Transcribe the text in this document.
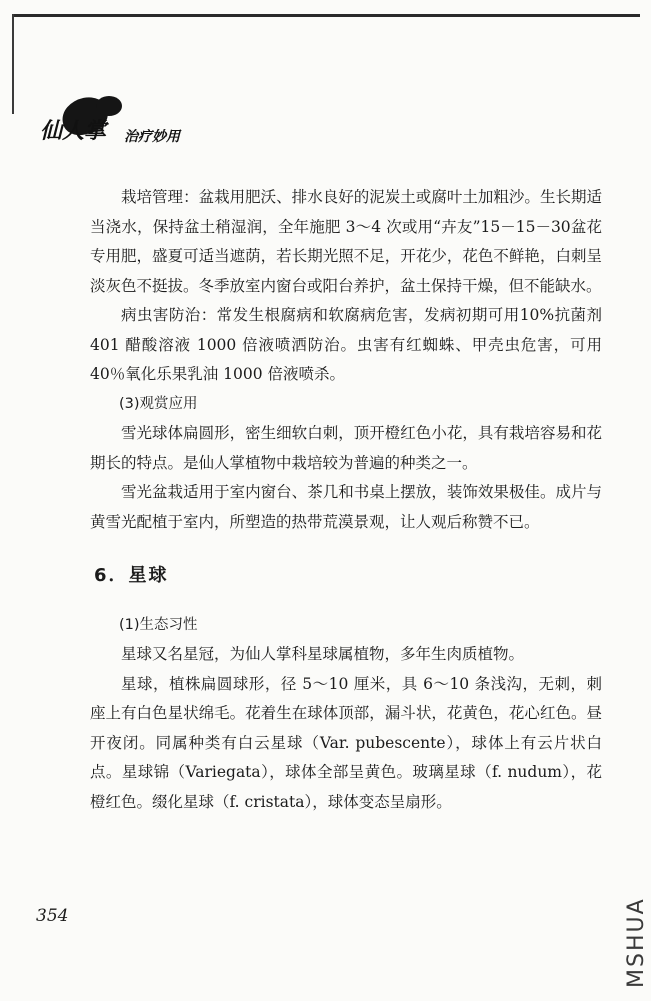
仙人掌 治疗妙用

栽培管理：盆栽用肥沃、排水良好的泥炭土或腐叶土加粗沙。生长期适当浇水，保持盆土稍湿润，全年施肥 3～4 次或用“卉友”15－15－30盆花专用肥，盛夏可适当遮荫，若长期光照不足，开花少，花色不鲜艳，白刺呈淡灰色不挺拔。冬季放室内窗台或阳台养护，盆土保持干燥，但不能缺水。

病虫害防治：常发生根腐病和软腐病危害，发病初期可用10%抗菌剂 401 醋酸溶液 1000 倍液喷洒防治。虫害有红蜘蛛、甲壳虫危害，可用 40％氧化乐果乳油 1000 倍液喷杀。

(3)观赏应用

雪光球体扁圆形，密生细软白刺，顶开橙红色小花，具有栽培容易和花期长的特点。是仙人掌植物中栽培较为普遍的种类之一。

雪光盆栽适用于室内窗台、茶几和书桌上摆放，装饰效果极佳。成片与黄雪光配植于室内，所塑造的热带荒漠景观，让人观后称赞不已。

6．星球
(1)生态习性

星球又名星冠，为仙人掌科星球属植物，多年生肉质植物。

星球，植株扁圆球形，径 5～10 厘米，具 6～10 条浅沟，无刺，刺座上有白色星状绵毛。花着生在球体顶部，漏斗状，花黄色，花心红色。昼开夜闭。同属种类有白云星球（Var. pubescente），球体上有云片状白点。星球锦（Variegata），球体全部呈黄色。玻璃星球（f. nudum），花橙红色。缀化星球（f. cristata），球体变态呈扇形。

354	MSHUA
